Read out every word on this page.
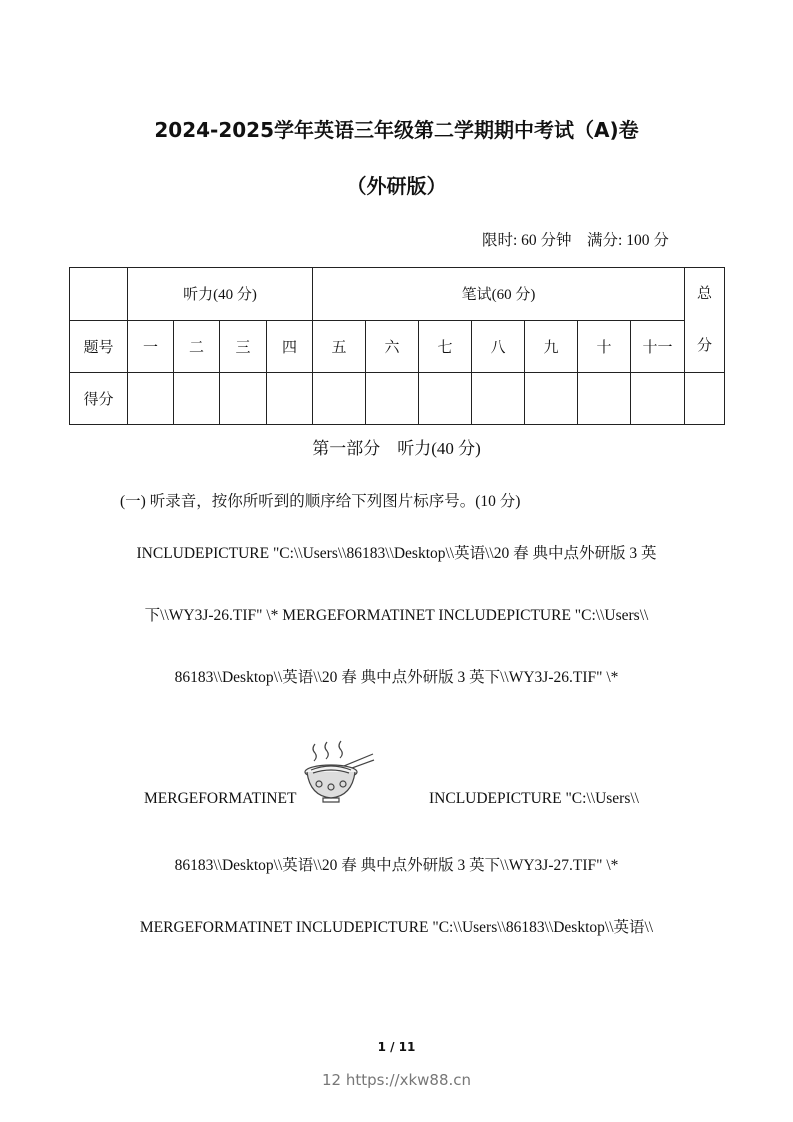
2024-2025学年英语三年级第二学期期中考试（A)卷
（外研版）
限时: 60 分钟　满分: 100 分
	听力(40 分)				笔试(60 分)							总
分
题号	一	二	三	四	五	六	七	八	九	十	十一	
得分												
第一部分　听力(40 分)
(一) 听录音，按你所听到的顺序给下列图片标序号。(10 分)
INCLUDEPICTURE "C:\\Users\\86183\\Desktop\\英语\\20 春 典中点外研版 3 英
下\\WY3J-26.TIF" \* MERGEFORMATINET INCLUDEPICTURE "C:\\Users\\
86183\\Desktop\\英语\\20 春 典中点外研版 3 英下\\WY3J-26.TIF" \*
MERGEFORMATINET	INCLUDEPICTURE "C:\\Users\\
86183\\Desktop\\英语\\20 春 典中点外研版 3 英下\\WY3J-27.TIF" \*
MERGEFORMATINET INCLUDEPICTURE "C:\\Users\\86183\\Desktop\\英语\\
1 / 11
12 https://xkw88.cn
